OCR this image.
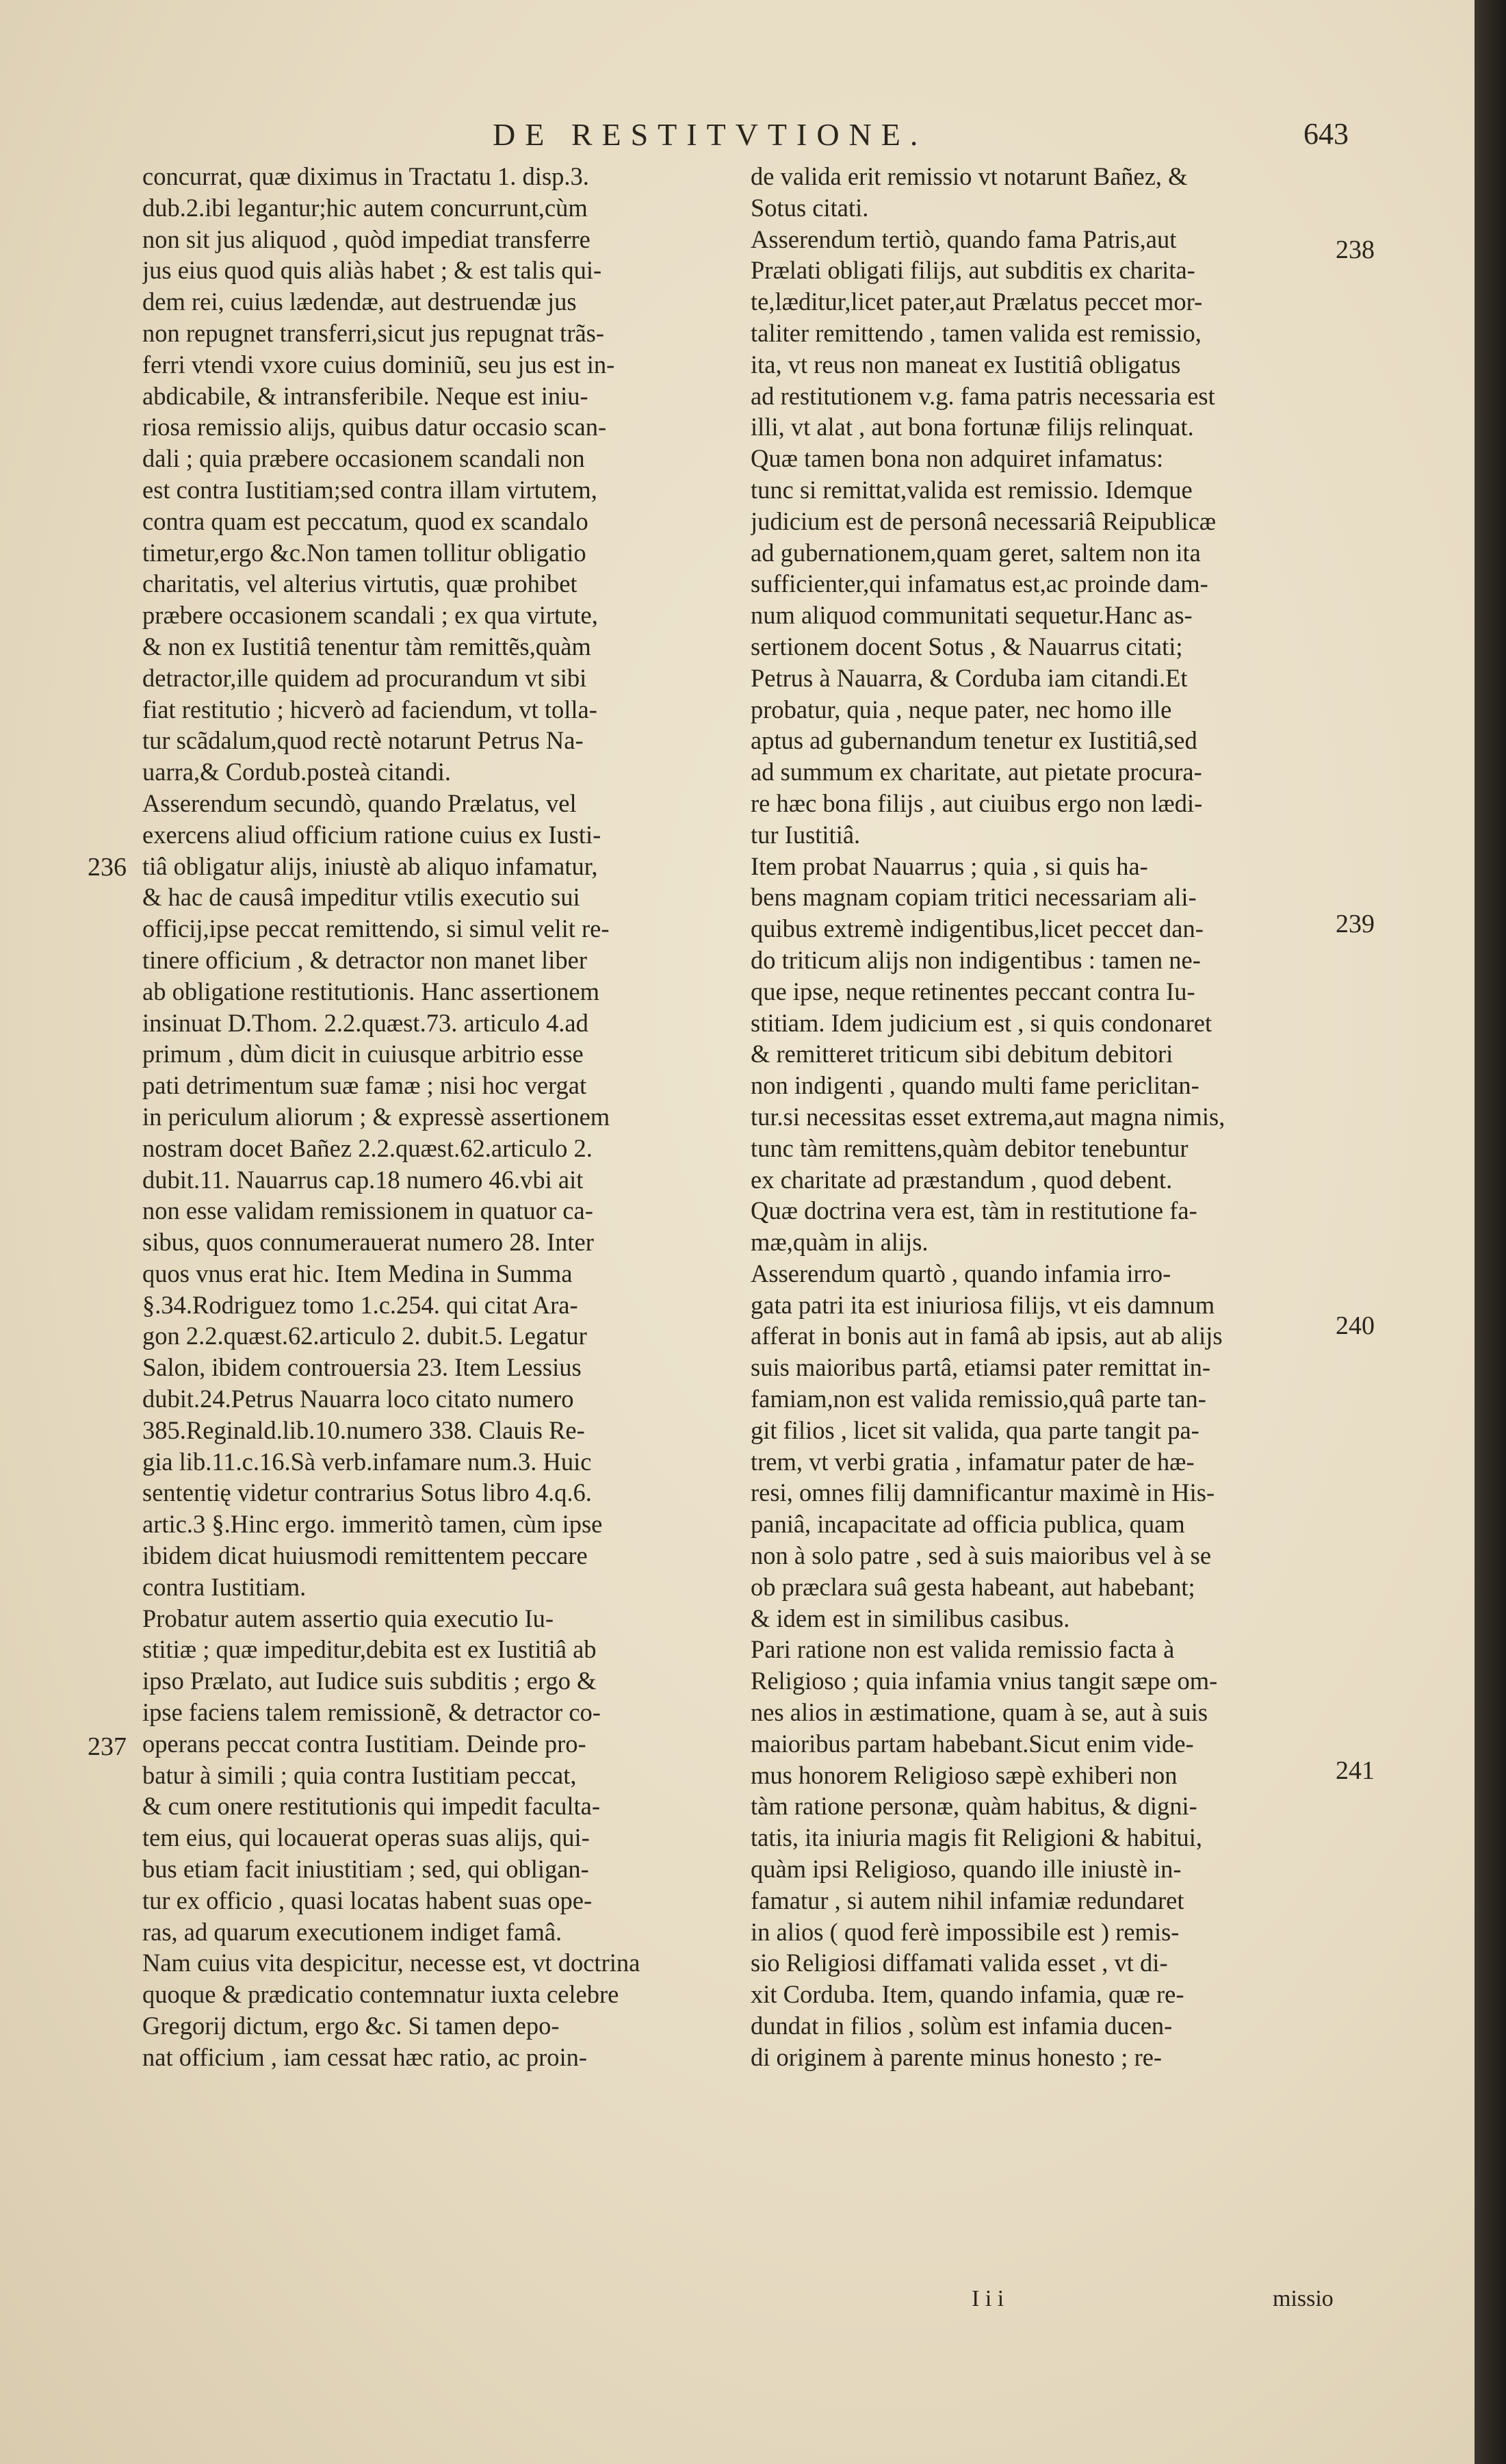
DE RESTITVTIONE.	643
concurrat, quæ diximus in Tractatu 1. disp.3.
dub.2.ibi legantur;hic autem concurrunt,cùm
non sit jus aliquod , quòd impediat transferre
jus eius quod quis aliàs habet ; & est talis qui-
dem rei, cuius lædendæ, aut destruendæ jus
non repugnet transferri,sicut jus repugnat trãs-
ferri vtendi vxore cuius dominiũ, seu jus est in-
abdicabile, & intransferibile. Neque est iniu-
riosa remissio alijs, quibus datur occasio scan-
dali ; quia præbere occasionem scandali non
est contra Iustitiam;sed contra illam virtutem,
contra quam est peccatum, quod ex scandalo
timetur,ergo &c.Non tamen tollitur obligatio
charitatis, vel alterius virtutis, quæ prohibet
præbere occasionem scandali ; ex qua virtute,
& non ex Iustitiâ tenentur tàm remittẽs,quàm
detractor,ille quidem ad procurandum vt sibi
fiat restitutio ; hicverò ad faciendum, vt tolla-
tur scãdalum,quod rectè notarunt Petrus Na-
uarra,& Cordub.posteà citandi.
Asserendum secundò, quando Prælatus, vel
exercens aliud officium ratione cuius ex Iusti-
tiâ obligatur alijs, iniustè ab aliquo infamatur,
& hac de causâ impeditur vtilis executio sui
officij,ipse peccat remittendo, si simul velit re-
tinere officium , & detractor non manet liber
ab obligatione restitutionis. Hanc assertionem
insinuat D.Thom. 2.2.quæst.73. articulo 4.ad
primum , dùm dicit in cuiusque arbitrio esse
pati detrimentum suæ famæ ; nisi hoc vergat
in periculum aliorum ; & expressè assertionem
nostram docet Bañez 2.2.quæst.62.articulo 2.
dubit.11. Nauarrus cap.18 numero 46.vbi ait
non esse validam remissionem in quatuor ca-
sibus, quos connumerauerat numero 28. Inter
quos vnus erat hic. Item Medina in Summa
§.34.Rodriguez tomo 1.c.254. qui citat Ara-
gon 2.2.quæst.62.articulo 2. dubit.5. Legatur
Salon, ibidem controuersia 23. Item Lessius
dubit.24.Petrus Nauarra loco citato numero
385.Reginald.lib.10.numero 338. Clauis Re-
gia lib.11.c.16.Sà verb.infamare num.3. Huic
sententię videtur contrarius Sotus libro 4.q.6.
artic.3 §.Hinc ergo. immeritò tamen, cùm ipse
ibidem dicat huiusmodi remittentem peccare
contra Iustitiam.
Probatur autem assertio quia executio Iu-
stitiæ ; quæ impeditur,debita est ex Iustitiâ ab
ipso Prælato, aut Iudice suis subditis ; ergo &
ipse faciens talem remissionẽ, & detractor co-
operans peccat contra Iustitiam. Deinde pro-
batur à simili ; quia contra Iustitiam peccat,
& cum onere restitutionis qui impedit faculta-
tem eius, qui locauerat operas suas alijs, qui-
bus etiam facit iniustitiam ; sed, qui obligan-
tur ex officio , quasi locatas habent suas ope-
ras, ad quarum executionem indiget famâ.
Nam cuius vita despicitur, necesse est, vt doctrina
quoque & prædicatio contemnatur iuxta celebre
Gregorij dictum, ergo &c. Si tamen depo-
nat officium , iam cessat hæc ratio, ac proin-
de valida erit remissio vt notarunt Bañez, &
Sotus citati.
Asserendum tertiò, quando fama Patris,aut
Prælati obligati filijs, aut subditis ex charita-
te,læditur,licet pater,aut Prælatus peccet mor-
taliter remittendo , tamen valida est remissio,
ita, vt reus non maneat ex Iustitiâ obligatus
ad restitutionem v.g. fama patris necessaria est
illi, vt alat , aut bona fortunæ filijs relinquat.
Quæ tamen bona non adquiret infamatus:
tunc si remittat,valida est remissio. Idemque
judicium est de personâ necessariâ Reipublicæ
ad gubernationem,quam geret, saltem non ita
sufficienter,qui infamatus est,ac proinde dam-
num aliquod communitati sequetur.Hanc as-
sertionem docent Sotus , & Nauarrus citati;
Petrus à Nauarra, & Corduba iam citandi.Et
probatur, quia , neque pater, nec homo ille
aptus ad gubernandum tenetur ex Iustitiâ,sed
ad summum ex charitate, aut pietate procura-
re hæc bona filijs , aut ciuibus ergo non lædi-
tur Iustitiâ.
Item probat Nauarrus ; quia , si quis ha-
bens magnam copiam tritici necessariam ali-
quibus extremè indigentibus,licet peccet dan-
do triticum alijs non indigentibus : tamen ne-
que ipse, neque retinentes peccant contra Iu-
stitiam. Idem judicium est , si quis condonaret
& remitteret triticum sibi debitum debitori
non indigenti , quando multi fame periclitan-
tur.si necessitas esset extrema,aut magna nimis,
tunc tàm remittens,quàm debitor tenebuntur
ex charitate ad præstandum , quod debent.
Quæ doctrina vera est, tàm in restitutione fa-
mæ,quàm in alijs.
Asserendum quartò , quando infamia irro-
gata patri ita est iniuriosa filijs, vt eis damnum
afferat in bonis aut in famâ ab ipsis, aut ab alijs
suis maioribus partâ, etiamsi pater remittat in-
famiam,non est valida remissio,quâ parte tan-
git filios , licet sit valida, qua parte tangit pa-
trem, vt verbi gratia , infamatur pater de hæ-
resi, omnes filij damnificantur maximè in His-
paniâ, incapacitate ad officia publica, quam
non à solo patre , sed à suis maioribus vel à se
ob præclara suâ gesta habeant, aut habebant;
& idem est in similibus casibus.
Pari ratione non est valida remissio facta à
Religioso ; quia infamia vnius tangit sæpe om-
nes alios in æstimatione, quam à se, aut à suis
maioribus partam habebant.Sicut enim vide-
mus honorem Religioso sæpè exhiberi non
tàm ratione personæ, quàm habitus, & digni-
tatis, ita iniuria magis fit Religioni & habitui,
quàm ipsi Religioso, quando ille iniustè in-
famatur , si autem nihil infamiæ redundaret
in alios ( quod ferè impossibile est ) remis-
sio Religiosi diffamati valida esset , vt di-
xit Corduba. Item, quando infamia, quæ re-
dundat in filios , solùm est infamia ducen-
di originem à parente minus honesto ; re-
236
237
238
239
240
241
I i i	missio
